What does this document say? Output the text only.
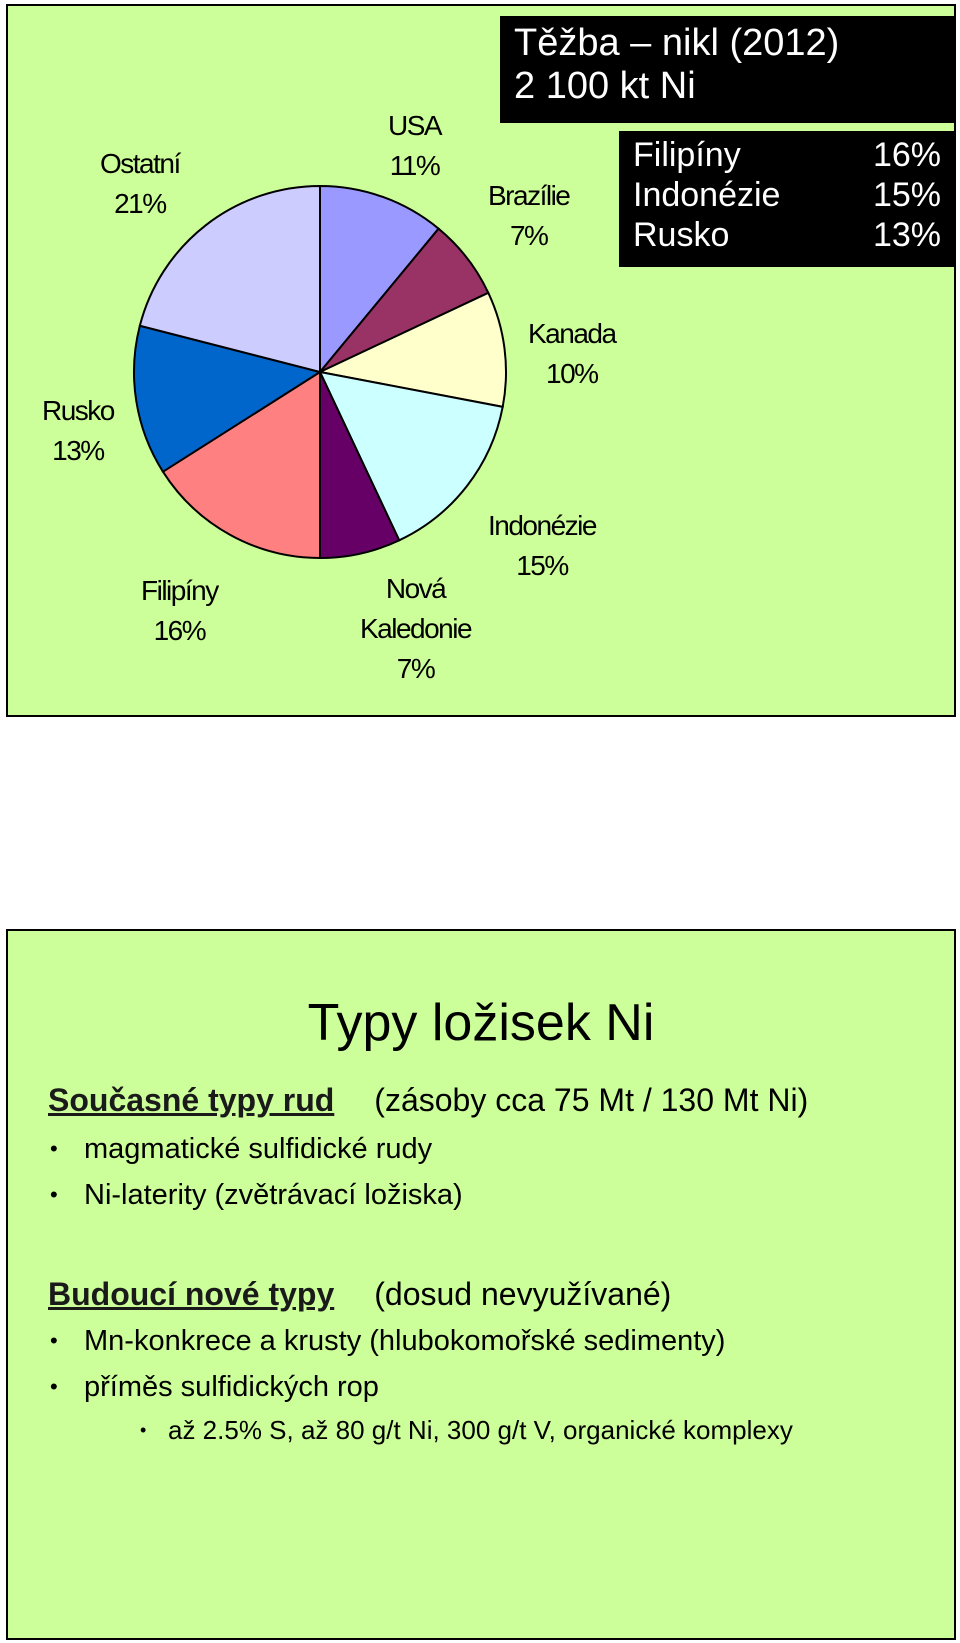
USA
11%
Brazílie
7%
Kanada
10%
Indonézie
15%
Nová
Kaledonie
7%
Filipíny
16%
Rusko
13%
Ostatní
21%
Těžba – nikl (2012)
2 100 kt Ni
Filipíny	16%
Indonézie	15%
Rusko	13%
Typy ložisek Ni
Současné typy rud (zásoby cca 75 Mt / 130 Mt Ni)
• magmatické sulfidické rudy
• Ni-laterity (zvětrávací ložiska)
Budoucí nové typy (dosud nevyužívané)
• Mn-konkrece a krusty (hlubokomořské sedimenty)
• příměs sulfidických rop
• až 2.5% S, až 80 g/t Ni, 300 g/t V, organické komplexy
